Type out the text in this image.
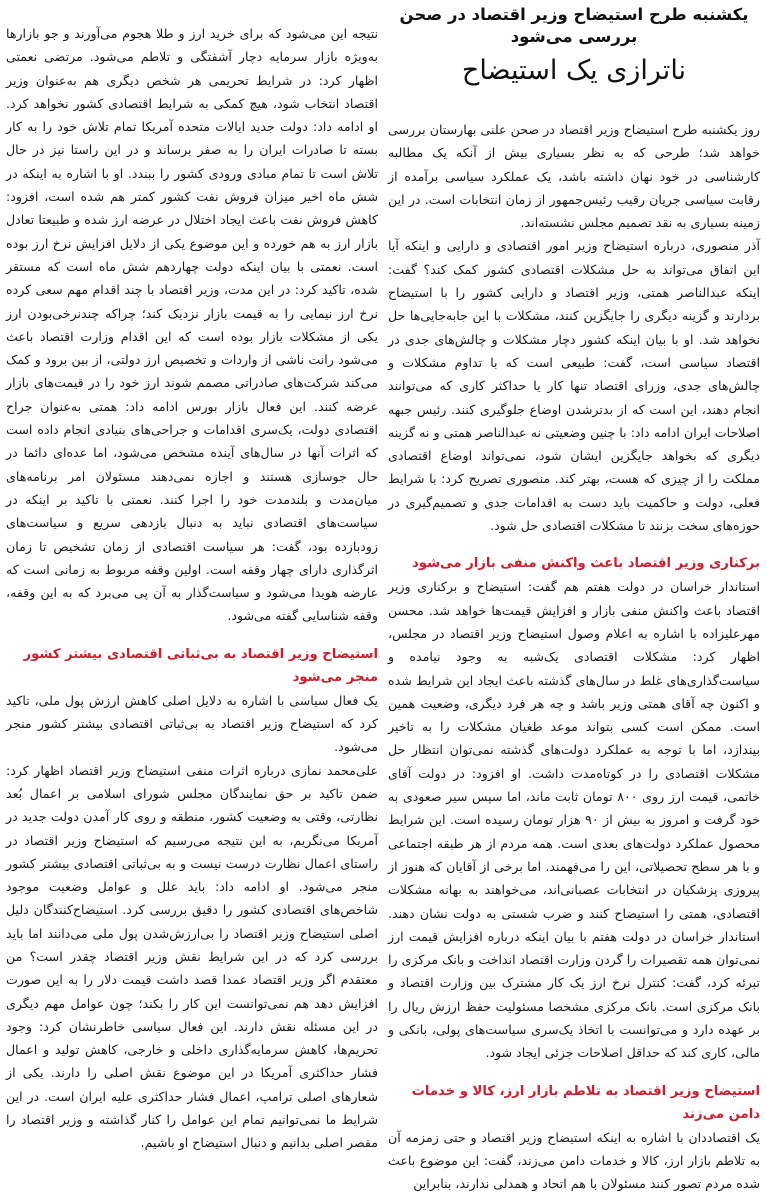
یکشنبه طرح استیضاح وزیر اقتصاد در صحن بررسی می‌شود
ناترازی یک استیضاح

روز یکشنبه طرح استیضاح وزیر اقتصاد در صحن علنی بهارستان بررسی خواهد شد؛ طرحی که به نظر بسیاری بیش از آنکه یک مطالبه کارشناسی در خود نهان داشته باشد، یک عملکرد سیاسی برآمده از رقابت سیاسی جریان رقیب رئیس‌جمهور از زمان انتخابات است. در این زمینه بسیاری به نقد تصمیم مجلس نشسته‌اند.

آذر منصوری، درباره استیضاح وزیر امور اقتصادی و دارایی و اینکه آیا این اتفاق می‌تواند به حل مشکلات اقتصادی کشور کمک کند؟ گفت: اینکه عبدالناصر همتی، وزیر اقتصاد و دارایی کشور را با استیضاح بردارند و گزینه دیگری را جایگزین کنند، مشکلات با این جابه‌جایی‌ها حل نخواهد شد. او با بیان اینکه کشور دچار مشکلات و چالش‌های جدی در اقتصاد سیاسی است، گفت: طبیعی است که با تداوم مشکلات و چالش‌های جدی، وزرای اقتصاد تنها کار یا حداکثر کاری که می‌توانند انجام دهند، این است که از بدترشدن اوضاع جلوگیری کنند. رئیس جبهه اصلاحات ایران ادامه داد: با چنین وضعیتی نه عبدالناصر همتی و نه گزینه دیگری که بخواهد جایگزین ایشان شود، نمی‌تواند اوضاع اقتصادی مملکت را از چیزی که هست، بهتر کند. منصوری تصریح کرد: با شرایط فعلی، دولت و حاکمیت باید دست به اقدامات جدی و تصمیم‌گیری در حوزه‌های سخت بزنند تا مشکلات اقتصادی حل شود.

برکناری وزیر اقتصاد باعث واکنش منفی بازار می‌شود

استاندار خراسان در دولت هفتم هم گفت: استیضاح و برکناری وزیر اقتصاد باعث واکنش منفی بازار و افزایش قیمت‌ها خواهد شد. محسن مهرعلیزاده با اشاره به اعلام وصول استیضاح وزیر اقتصاد در مجلس، اظهار کرد: مشکلات اقتصادی یک‌شبه به وجود نیامده و سیاست‌گذاری‌های غلط در سال‌های گذشته باعث ایجاد این شرایط شده و اکنون چه آقای همتی وزیر باشد و چه هر فرد دیگری، وضعیت همین است. ممکن است کسی بتواند موعد طغیان مشکلات را به تاخیر بیندازد، اما با توجه به عملکرد دولت‌های گذشته نمی‌توان انتظار حل مشکلات اقتصادی را در کوتاه‌مدت داشت. او افزود: در دولت آقای خاتمی، قیمت ارز روی ۸۰۰ تومان ثابت ماند، اما سپس سیر صعودی به خود گرفت و امروز به بیش از ۹۰ هزار تومان رسیده است. این شرایط محصول عملکرد دولت‌های بعدی است. همه مردم از هر طبقه اجتماعی و با هر سطح تحصیلاتی، این را می‌فهمند. اما برخی از آقایان که هنوز از پیروزی پزشکیان در انتخابات عصبانی‌اند، می‌خواهند به بهانه مشکلات اقتصادی، همتی را استیضاح کنند و ضرب شستی به دولت نشان دهند. استاندار خراسان در دولت هفتم با بیان اینکه درباره افزایش قیمت ارز نمی‌توان همه تقصیرات را گردن وزارت اقتصاد انداخت و بانک مرکزی را تبرئه کرد، گفت: کنترل نرخ ارز یک کار مشترک بین وزارت اقتصاد و بانک مرکزی است. بانک مرکزی مشخصا مسئولیت حفظ ارزش ریال را بر عهده دارد و می‌توانست با اتخاذ یک‌سری سیاست‌های پولی، بانکی و مالی، کاری کند که حداقل اصلاحات جزئی ایجاد شود.

استیضاح وزیر اقتصاد به تلاطم بازار ارز، کالا و خدمات دامن می‌زند

یک اقتصاددان با اشاره به اینکه استیضاح وزیر اقتصاد و حتی زمزمه آن به تلاطم بازار ارز، کالا و خدمات دامن می‌زند، گفت: این موضوع باعث شده مردم تصور کنند مسئولان با هم اتحاد و همدلی ندارند، بنابراین

نتیجه این می‌شود که برای خرید ارز و طلا هجوم می‌آورند و جو بازارها به‌ویژه بازار سرمایه دچار آشفتگی و تلاطم می‌شود. مرتضی نعمتی اظهار کرد: در شرایط تحریمی هر شخص دیگری هم به‌عنوان وزیر اقتصاد انتخاب شود، هیچ کمکی به شرایط اقتصادی کشور نخواهد کرد. او ادامه داد: دولت جدید ایالات متحده آمریکا تمام تلاش خود را به کار بسته تا صادرات ایران را به صفر برساند و در این راستا نیز در حال تلاش است تا تمام مبادی ورودی کشور را ببندد. او با اشاره به اینکه در شش ماه اخیر میزان فروش نفت کشور کمتر هم شده است، افزود: کاهش فروش نفت باعث ایجاد اختلال در عرضه ارز شده و طبیعتا تعادل بازار ارز به هم خورده و این موضوع یکی از دلایل افزایش نرخ ارز بوده است. نعمتی با بیان اینکه دولت چهاردهم شش ماه است که مستقر شده، تاکید کرد: در این مدت، وزیر اقتصاد با چند اقدام مهم سعی کرده نرخ ارز نیمایی را به قیمت بازار نزدیک کند؛ چراکه چندنرخی‌بودن ارز یکی از مشکلات بازار بوده است که این اقدام وزارت اقتصاد باعث می‌شود رانت ناشی از واردات و تخصیص ارز دولتی، از بین برود و کمک می‌کند شرکت‌های صادراتی مصمم شوند ارز خود را در قیمت‌های بازار عرضه کنند. این فعال بازار بورس ادامه داد: همتی به‌عنوان جراح اقتصادی دولت، یک‌سری اقدامات و جراحی‌های بنیادی انجام داده است که اثرات آنها در سال‌های آینده مشخص می‌شود، اما عده‌ای دائما در حال جوسازی هستند و اجازه نمی‌دهند مسئولان امر برنامه‌های میان‌مدت و بلندمدت خود را اجرا کنند. نعمتی با تاکید بر اینکه در سیاست‌های اقتصادی نباید به دنبال بازدهی سریع و سیاست‌های زودبازده بود، گفت: هر سیاست اقتصادی از زمان تشخیص تا زمان اثرگذاری دارای چهار وقفه است. اولین وقفه مربوط به زمانی است که عارضه هویدا می‌شود و سیاست‌گذار به آن پی می‌برد که به این وقفه، وقفه شناسایی گفته می‌شود.

استیضاح وزیر اقتصاد به بی‌ثباتی اقتصادی بیشتر کشور منجر می‌شود

یک فعال سیاسی با اشاره به دلایل اصلی کاهش ارزش پول ملی، تاکید کرد که استیضاح وزیر اقتصاد به بی‌ثباتی اقتصادی بیشتر کشور منجر می‌شود.

علی‌محمد نمازی درباره اثرات منفی استیضاح وزیر اقتصاد اظهار کرد: ضمن تاکید بر حق نمایندگان مجلس شورای اسلامی بر اعمال بُعد نظارتی، وقتی به وضعیت کشور، منطقه و روی کار آمدن دولت جدید در آمریکا می‌نگریم، به این نتیجه می‌رسیم که استیضاح وزیر اقتصاد در راستای اعمال نظارت درست نیست و به بی‌ثباتی اقتصادی بیشتر کشور منجر می‌شود. او ادامه داد: باید علل و عوامل وضعیت موجود شاخص‌های اقتصادی کشور را دقیق بررسی کرد. استیضاح‌کنندگان دلیل اصلی استیضاح وزیر اقتصاد را بی‌ارزش‌شدن پول ملی می‌دانند اما باید بررسی کرد که در این شرایط نقش وزیر اقتصاد چقدر است؟ من معتقدم اگر وزیر اقتصاد عمدا قصد داشت قیمت دلار را به این صورت افزایش دهد هم نمی‌توانست این کار را بکند؛ چون عوامل مهم دیگری در این مسئله نقش دارند. این فعال سیاسی خاطرنشان کرد: وجود تحریم‌ها، کاهش سرمایه‌گذاری داخلی و خارجی، کاهش تولید و اعمال فشار حداکثری آمریکا در این موضوع نقش اصلی را دارند. یکی از شعارهای اصلی ترامپ، اعمال فشار حداکثری علیه ایران است. در این شرایط ما نمی‌توانیم تمام این عوامل را کنار گذاشته و وزیر اقتصاد را مقصر اصلی بدانیم و دنبال استیضاح او باشیم.
